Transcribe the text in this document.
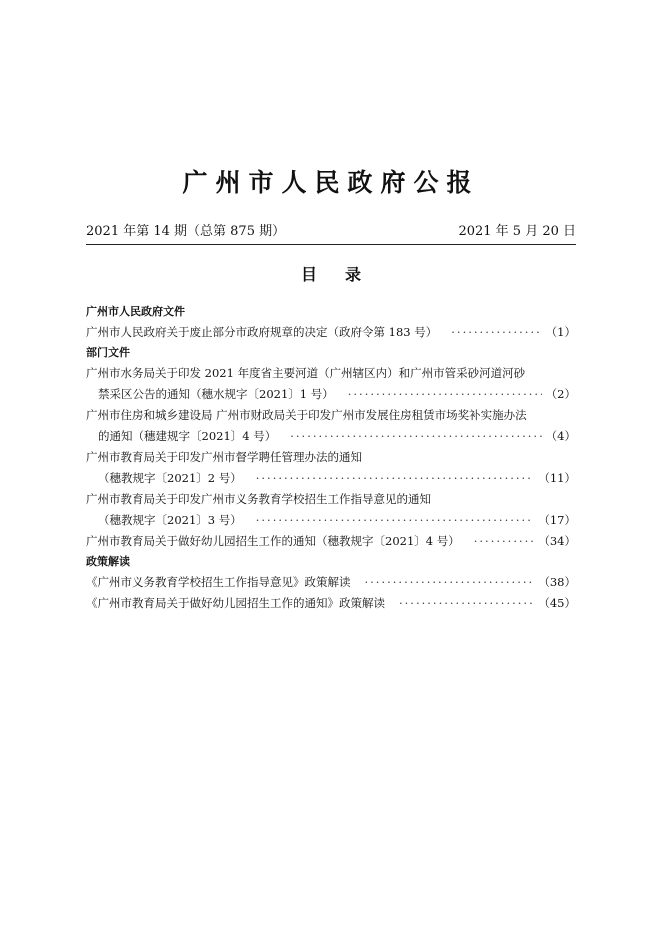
广州市人民政府公报
2021 年第 14 期（总第 875 期）	2021 年 5 月 20 日
目 录
广州市人民政府文件
广州市人民政府关于废止部分市政府规章的决定（政府令第 183 号） ·····	（1）
部门文件
广州市水务局关于印发 2021 年度省主要河道（广州辖区内）和广州市管采砂河道河砂
禁采区公告的通知（穗水规字〔2021〕1 号） ·····	（2）
广州市住房和城乡建设局 广州市财政局关于印发广州市发展住房租赁市场奖补实施办法
的通知（穗建规字〔2021〕4 号） ·····	（4）
广州市教育局关于印发广州市督学聘任管理办法的通知
（穗教规字〔2021〕2 号） ·····	（11）
广州市教育局关于印发广州市义务教育学校招生工作指导意见的通知
（穗教规字〔2021〕3 号） ·····	（17）
广州市教育局关于做好幼儿园招生工作的通知（穗教规字〔2021〕4 号） ·····	（34）
政策解读
《广州市义务教育学校招生工作指导意见》政策解读 ·····	（38）
《广州市教育局关于做好幼儿园招生工作的通知》政策解读 ·····	（45）
